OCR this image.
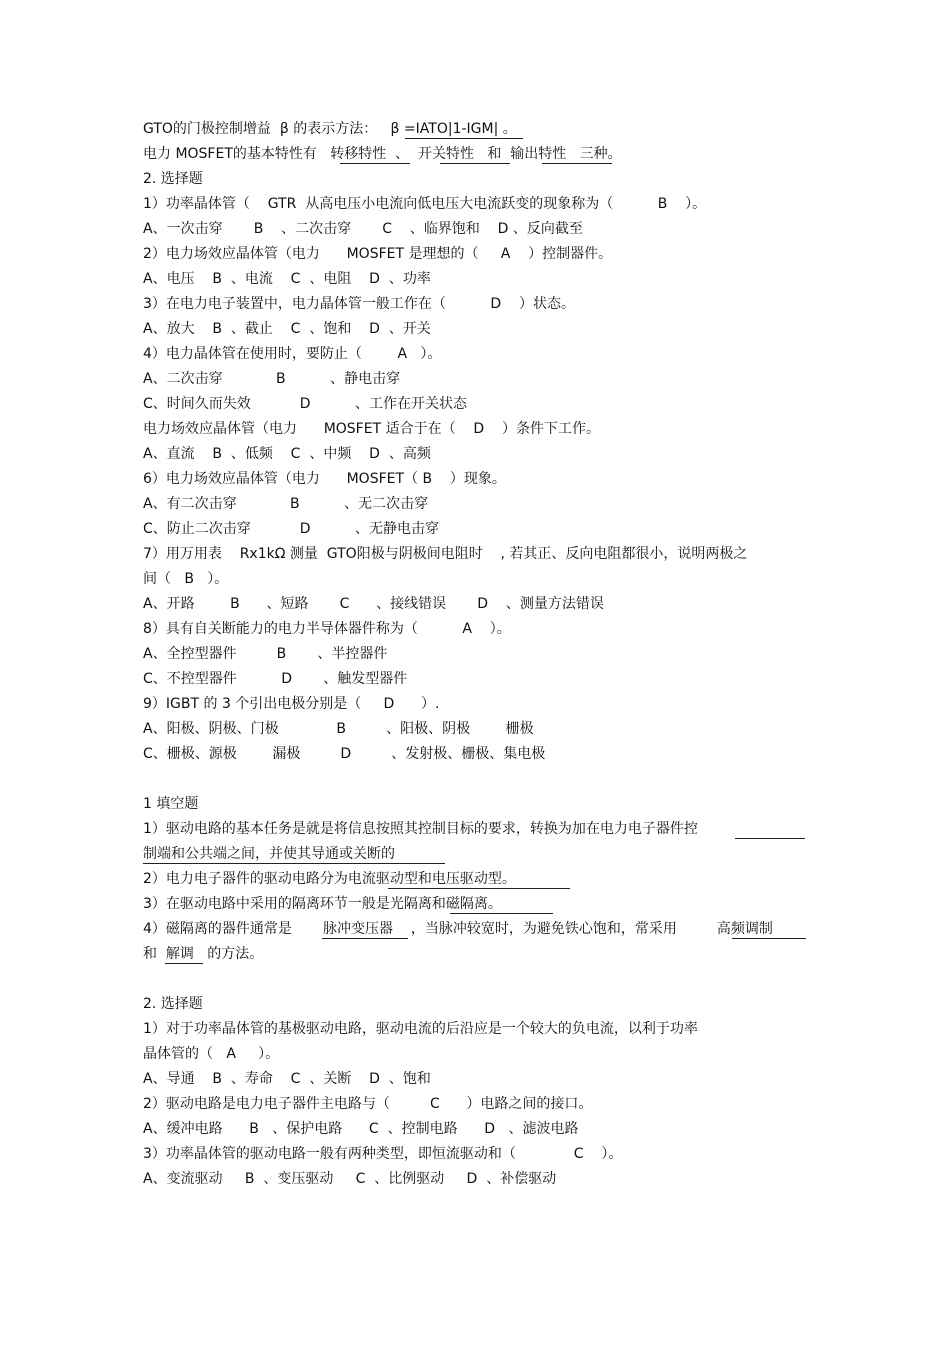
GTO的门极控制增益  β 的表示方法：   β =IATO|1-IGM| 。
电力 MOSFET的基本特性有   转移特性  、  开关特性   和  输出特性   三种。
2. 选择题
1）功率晶体管（    GTR  从高电压小电流向低电压大电流跃变的现象称为（          B    ）。
A、一次击穿       B    、二次击穿       C    、临界饱和    D 、反向截至
2）电力场效应晶体管（电力      MOSFET 是理想的（     A    ）控制器件。
A、电压    B  、电流    C  、电阻    D  、功率
3）在电力电子装置中，电力晶体管一般工作在（          D    ）状态。
A、放大    B  、截止    C  、饱和    D  、开关
4）电力晶体管在使用时，要防止（        A   ）。
A、二次击穿            B          、静电击穿
C、时间久而失效           D          、工作在开关状态
电力场效应晶体管（电力      MOSFET 适合于在（    D    ）条件下工作。
A、直流    B  、低频    C  、中频    D  、高频
6）电力场效应晶体管（电力      MOSFET（ B    ）现象。
A、有二次击穿            B          、无二次击穿
C、防止二次击穿           D          、无静电击穿
7）用万用表    Rx1kΩ 测量  GTO阳极与阴极间电阻时    , 若其正、反向电阻都很小，说明两极之
间（   B   ）。
A、开路        B      、短路       C      、接线错误       D    、测量方法错误
8）具有自关断能力的电力半导体器件称为（          A    ）。
A、全控型器件         B       、半控器件
C、不控型器件          D       、触发型器件
9）IGBT 的 3 个引出电极分别是（     D      ）.
A、阳极、阴极、门极             B         、阳极、阴极        栅极
C、栅极、源极        漏极         D         、发射极、栅极、集电极
1 填空题
1）驱动电路的基本任务是就是将信息按照其控制目标的要求，转换为加在电力电子器件控
制端和公共端之间，并使其导通或关断的
2）电力电子器件的驱动电路分为电流驱动型和电压驱动型。
3）在驱动电路中采用的隔离环节一般是光隔离和磁隔离。
4）磁隔离的器件通常是       脉冲变压器    ，当脉冲较宽时，为避免铁心饱和，常采用         高频调制
和  解调   的方法。
2. 选择题
1）对于功率晶体管的基极驱动电路，驱动电流的后沿应是一个较大的负电流，以利于功率
晶体管的（   A     ）。
A、导通    B  、寿命    C  、关断    D  、饱和
2）驱动电路是电力电子器件主电路与（         C      ）电路之间的接口。
A、缓冲电路      B   、保护电路      C  、控制电路      D   、滤波电路
3）功率晶体管的驱动电路一般有两种类型，即恒流驱动和（             C    ）。
A、变流驱动     B  、变压驱动     C  、比例驱动     D  、补偿驱动
